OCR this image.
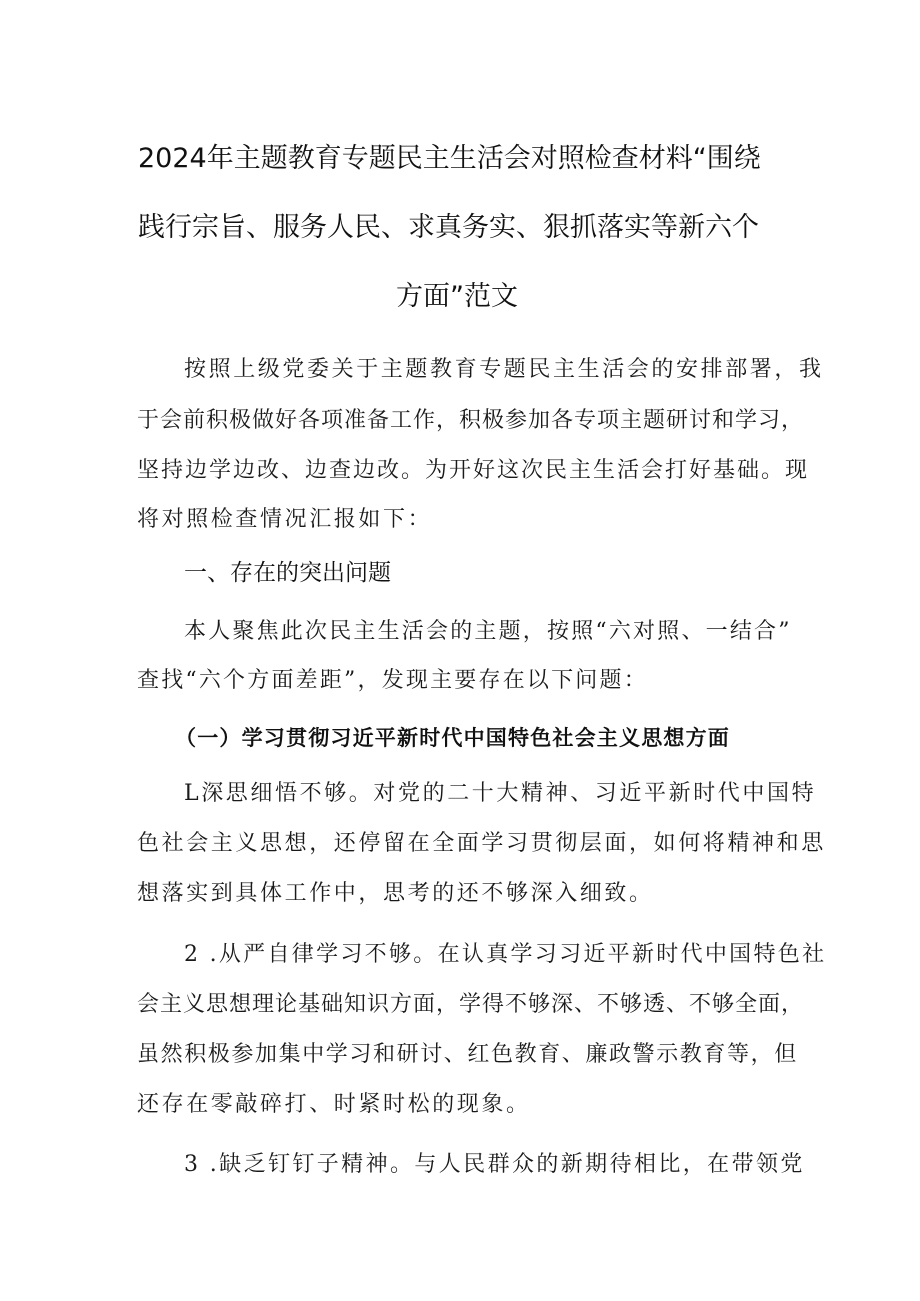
2024年主题教育专题民主生活会对照检查材料“围绕
践行宗旨、服务人民、求真务实、狠抓落实等新六个
方面”范文
按照上级党委关于主题教育专题民主生活会的安排部署，我
于会前积极做好各项准备工作，积极参加各专项主题研讨和学习，
坚持边学边改、边查边改。为开好这次民主生活会打好基础。现
将对照检查情况汇报如下：
一、存在的突出问题
本人聚焦此次民主生活会的主题，按照“六对照、一结合”
查找“六个方面差距”，发现主要存在以下问题：
（一）学习贯彻习近平新时代中国特色社会主义思想方面
L深思细悟不够。对党的二十大精神、习近平新时代中国特
色社会主义思想，还停留在全面学习贯彻层面，如何将精神和思
想落实到具体工作中，思考的还不够深入细致。
2 .从严自律学习不够。在认真学习习近平新时代中国特色社
会主义思想理论基础知识方面，学得不够深、不够透、不够全面，
虽然积极参加集中学习和研讨、红色教育、廉政警示教育等，但
还存在零敲碎打、时紧时松的现象。
3 .缺乏钉钉子精神。与人民群众的新期待相比，在带领党
